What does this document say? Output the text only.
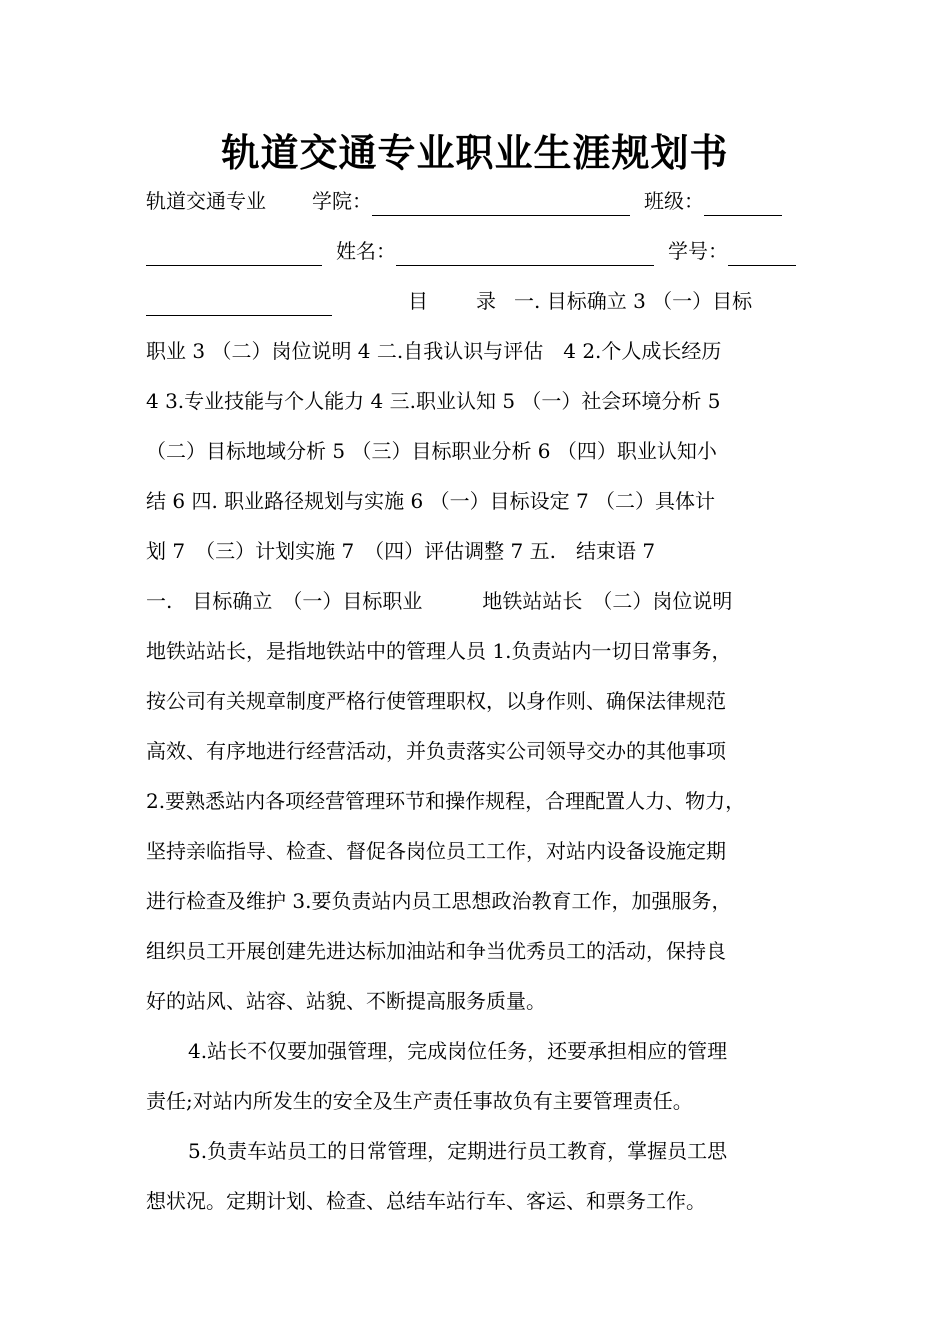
轨道交通专业职业生涯规划书
轨道交通专业 学院：	班级：
姓名：	学号：
目　录 一. 目标确立 3 （一）目标
职业 3 （二）岗位说明 4 二.自我认识与评估　4 2.个人成长经历
4 3.专业技能与个人能力 4 三.职业认知 5 （一）社会环境分析 5
（二）目标地域分析 5 （三）目标职业分析 6 （四）职业认知小
结 6 四. 职业路径规划与实施 6 （一）目标设定 7 （二）具体计
划 7　（三）计划实施 7　（四）评估调整 7 五.　结束语 7
一.　目标确立　（一）目标职业　　　地铁站站长　（二）岗位说明
地铁站站长，是指地铁站中的管理人员 1.负责站内一切日常事务，
按公司有关规章制度严格行使管理职权，以身作则、确保法律规范
高效、有序地进行经营活动，并负责落实公司领导交办的其他事项
2.要熟悉站内各项经营管理环节和操作规程，合理配置人力、物力，
坚持亲临指导、检查、督促各岗位员工工作，对站内设备设施定期
进行检查及维护 3.要负责站内员工思想政治教育工作，加强服务，
组织员工开展创建先进达标加油站和争当优秀员工的活动，保持良
好的站风、站容、站貌、不断提高服务质量。
4.站长不仅要加强管理，完成岗位任务，还要承担相应的管理
责任;对站内所发生的安全及生产责任事故负有主要管理责任。
5.负责车站员工的日常管理，定期进行员工教育，掌握员工思
想状况。定期计划、检查、总结车站行车、客运、和票务工作。
